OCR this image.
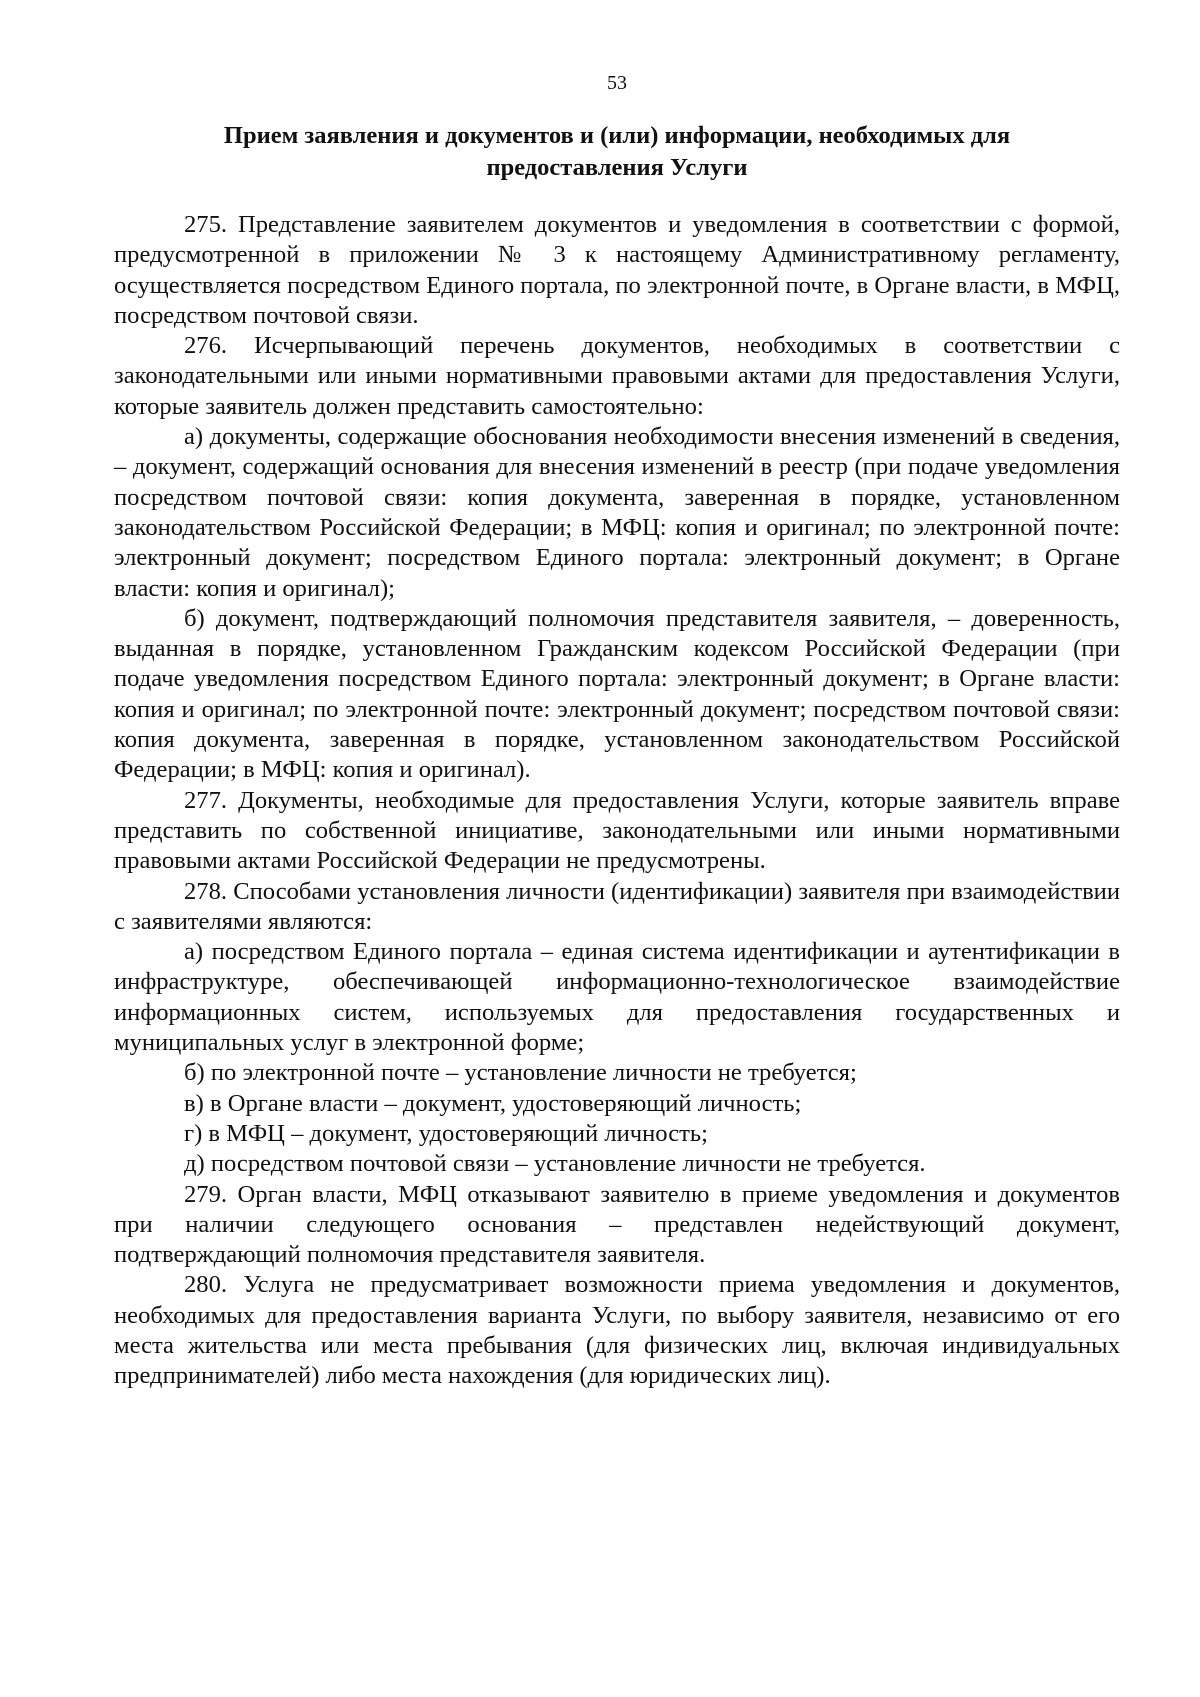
53
Прием заявления и документов и (или) информации, необходимых для
предоставления Услуги

275. Представление заявителем документов и уведомления в соответствии с формой, предусмотренной в приложении № 3 к настоящему Административному регламенту, осуществляется посредством Единого портала, по электронной почте, в Органе власти, в МФЦ, посредством почтовой связи.

276. Исчерпывающий перечень документов, необходимых в соответствии с законодательными или иными нормативными правовыми актами для предоставления Услуги, которые заявитель должен представить самостоятельно:

а) документы, содержащие обоснования необходимости внесения изменений в сведения, – документ, содержащий основания для внесения изменений в реестр (при подаче уведомления посредством почтовой связи: копия документа, заверенная в порядке, установленном законодательством Российской Федерации; в МФЦ: копия и оригинал; по электронной почте: электронный документ; посредством Единого портала: электронный документ; в Органе власти: копия и оригинал);

б) документ, подтверждающий полномочия представителя заявителя, – доверенность, выданная в порядке, установленном Гражданским кодексом Российской Федерации (при подаче уведомления посредством Единого портала: электронный документ; в Органе власти: копия и оригинал; по электронной почте: электронный документ; посредством почтовой связи: копия документа, заверенная в порядке, установленном законодательством Российской Федерации; в МФЦ: копия и оригинал).

277. Документы, необходимые для предоставления Услуги, которые заявитель вправе представить по собственной инициативе, законодательными или иными нормативными правовыми актами Российской Федерации не предусмотрены.

278. Способами установления личности (идентификации) заявителя при взаимодействии с заявителями являются:

а) посредством Единого портала – единая система идентификации и аутентификации в инфраструктуре, обеспечивающей информационно-технологическое взаимодействие информационных систем, используемых для предоставления государственных и муниципальных услуг в электронной форме;

б) по электронной почте – установление личности не требуется;

в) в Органе власти – документ, удостоверяющий личность;

г) в МФЦ – документ, удостоверяющий личность;

д) посредством почтовой связи – установление личности не требуется.

279. Орган власти, МФЦ отказывают заявителю в приеме уведомления и документов при наличии следующего основания – представлен недействующий документ, подтверждающий полномочия представителя заявителя.

280. Услуга не предусматривает возможности приема уведомления и документов, необходимых для предоставления варианта Услуги, по выбору заявителя, независимо от его места жительства или места пребывания (для физических лиц, включая индивидуальных предпринимателей) либо места нахождения (для юридических лиц).
